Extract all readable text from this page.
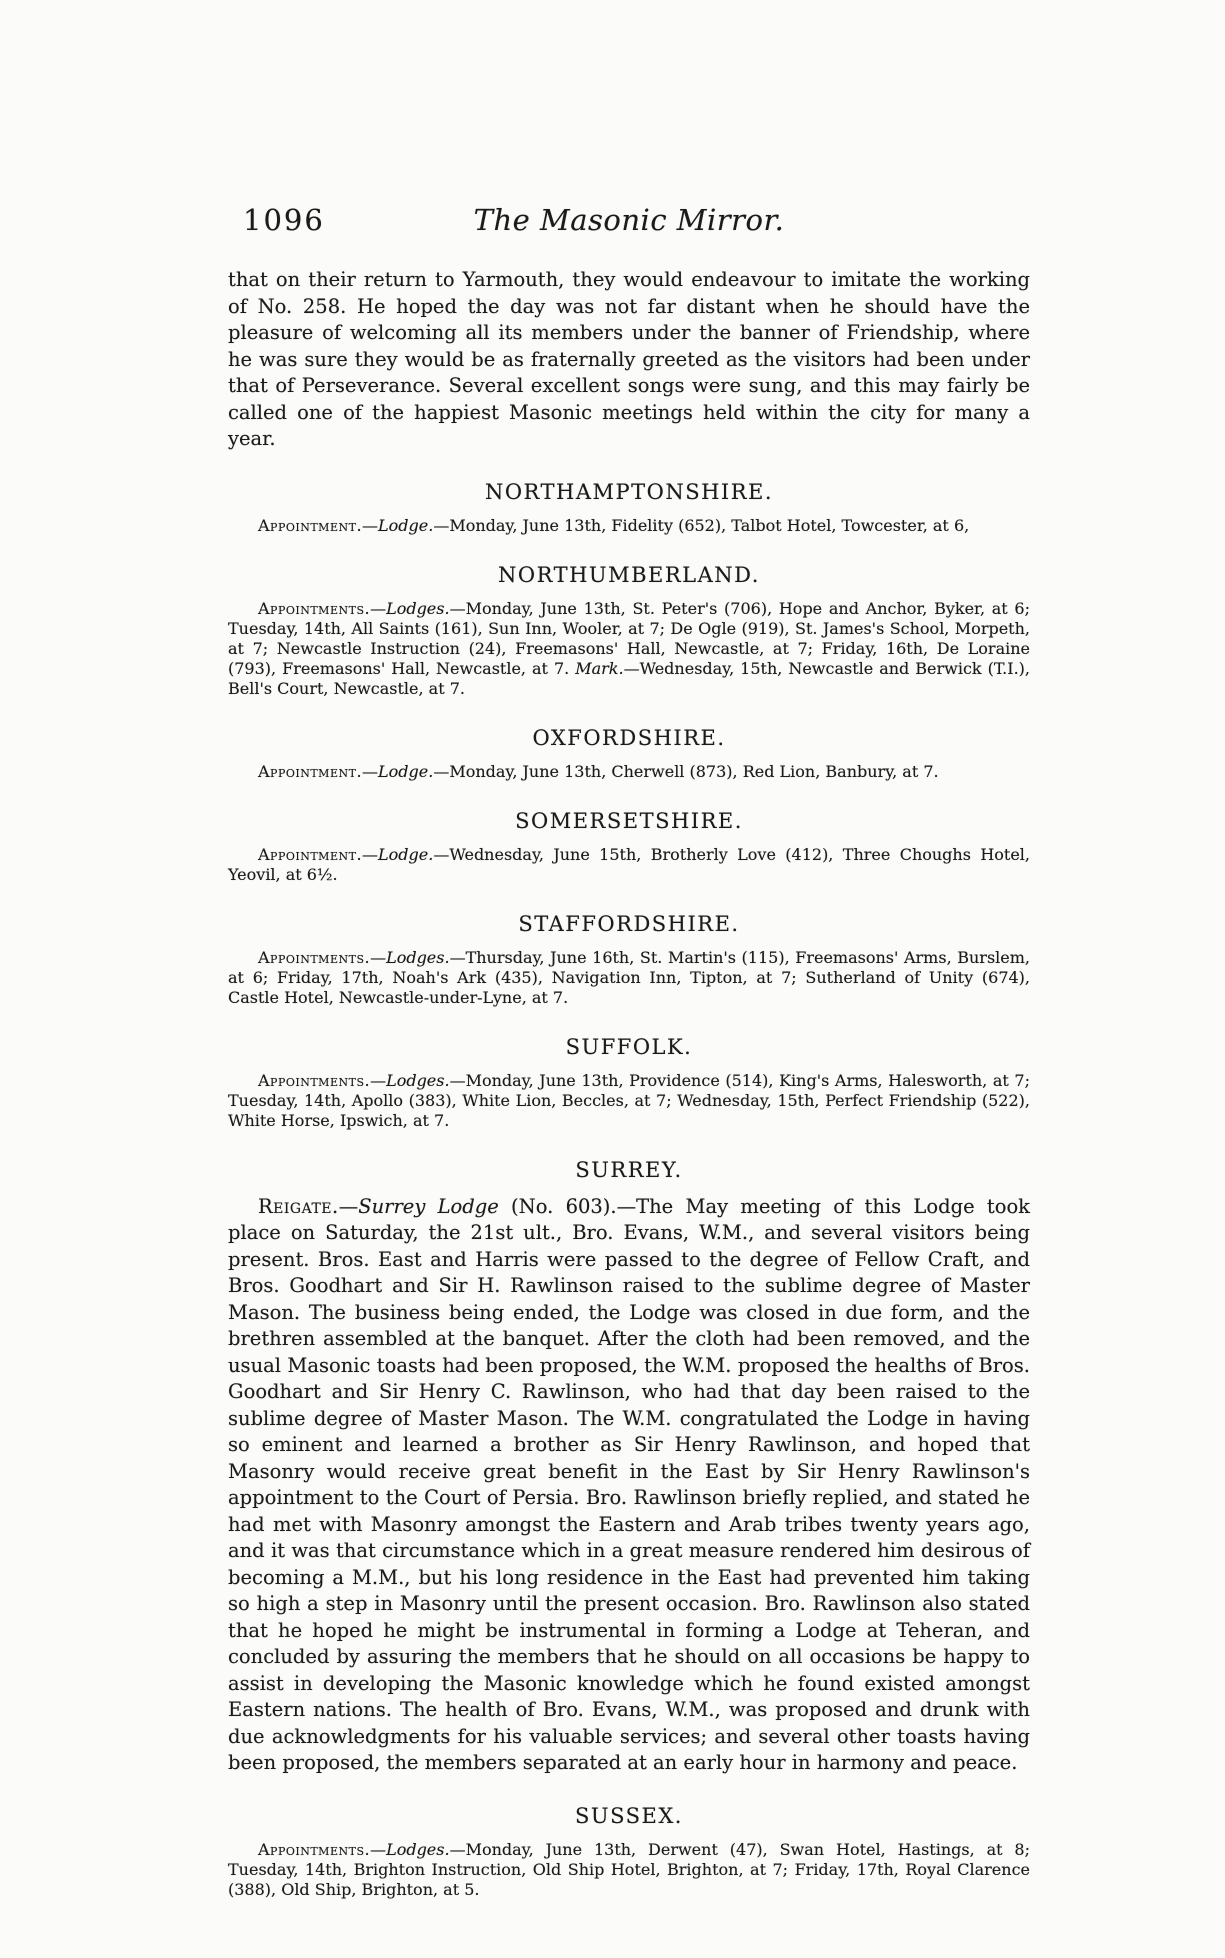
1096	The Masonic Mirror.

that on their return to Yarmouth, they would endeavour to imitate the working of No. 258. He hoped the day was not far distant when he should have the pleasure of welcoming all its members under the banner of Friendship, where he was sure they would be as fraternally greeted as the visitors had been under that of Perseverance. Several excellent songs were sung, and this may fairly be called one of the happiest Masonic meetings held within the city for many a year.

NORTHAMPTONSHIRE.

Appointment.—Lodge.—Monday, June 13th, Fidelity (652), Talbot Hotel, Towcester, at 6,

NORTHUMBERLAND.

Appointments.—Lodges.—Monday, June 13th, St. Peter's (706), Hope and Anchor, Byker, at 6; Tuesday, 14th, All Saints (161), Sun Inn, Wooler, at 7; De Ogle (919), St. James's School, Morpeth, at 7; Newcastle Instruction (24), Freemasons' Hall, Newcastle, at 7; Friday, 16th, De Loraine (793), Freemasons' Hall, Newcastle, at 7. Mark.—Wednesday, 15th, Newcastle and Berwick (T.I.), Bell's Court, Newcastle, at 7.

OXFORDSHIRE.

Appointment.—Lodge.—Monday, June 13th, Cherwell (873), Red Lion, Banbury, at 7.

SOMERSETSHIRE.

Appointment.—Lodge.—Wednesday, June 15th, Brotherly Love (412), Three Choughs Hotel, Yeovil, at 6½.

STAFFORDSHIRE.

Appointments.—Lodges.—Thursday, June 16th, St. Martin's (115), Freemasons' Arms, Burslem, at 6; Friday, 17th, Noah's Ark (435), Navigation Inn, Tipton, at 7; Sutherland of Unity (674), Castle Hotel, Newcastle-under-Lyne, at 7.

SUFFOLK.

Appointments.—Lodges.—Monday, June 13th, Providence (514), King's Arms, Halesworth, at 7; Tuesday, 14th, Apollo (383), White Lion, Beccles, at 7; Wednesday, 15th, Perfect Friendship (522), White Horse, Ipswich, at 7.

SURREY.

Reigate.—Surrey Lodge (No. 603).—The May meeting of this Lodge took place on Saturday, the 21st ult., Bro. Evans, W.M., and several visitors being present. Bros. East and Harris were passed to the degree of Fellow Craft, and Bros. Goodhart and Sir H. Rawlinson raised to the sublime degree of Master Mason. The business being ended, the Lodge was closed in due form, and the brethren assembled at the banquet. After the cloth had been removed, and the usual Masonic toasts had been proposed, the W.M. proposed the healths of Bros. Goodhart and Sir Henry C. Rawlinson, who had that day been raised to the sublime degree of Master Mason. The W.M. congratulated the Lodge in having so eminent and learned a brother as Sir Henry Rawlinson, and hoped that Masonry would receive great benefit in the East by Sir Henry Rawlinson's appointment to the Court of Persia. Bro. Rawlinson briefly replied, and stated he had met with Masonry amongst the Eastern and Arab tribes twenty years ago, and it was that circumstance which in a great measure rendered him desirous of becoming a M.M., but his long residence in the East had prevented him taking so high a step in Masonry until the present occasion. Bro. Rawlinson also stated that he hoped he might be instrumental in forming a Lodge at Teheran, and concluded by assuring the members that he should on all occasions be happy to assist in developing the Masonic knowledge which he found existed amongst Eastern nations. The health of Bro. Evans, W.M., was proposed and drunk with due acknowledgments for his valuable services; and several other toasts having been proposed, the members separated at an early hour in harmony and peace.

SUSSEX.

Appointments.—Lodges.—Monday, June 13th, Derwent (47), Swan Hotel, Hastings, at 8; Tuesday, 14th, Brighton Instruction, Old Ship Hotel, Brighton, at 7; Friday, 17th, Royal Clarence (388), Old Ship, Brighton, at 5.
